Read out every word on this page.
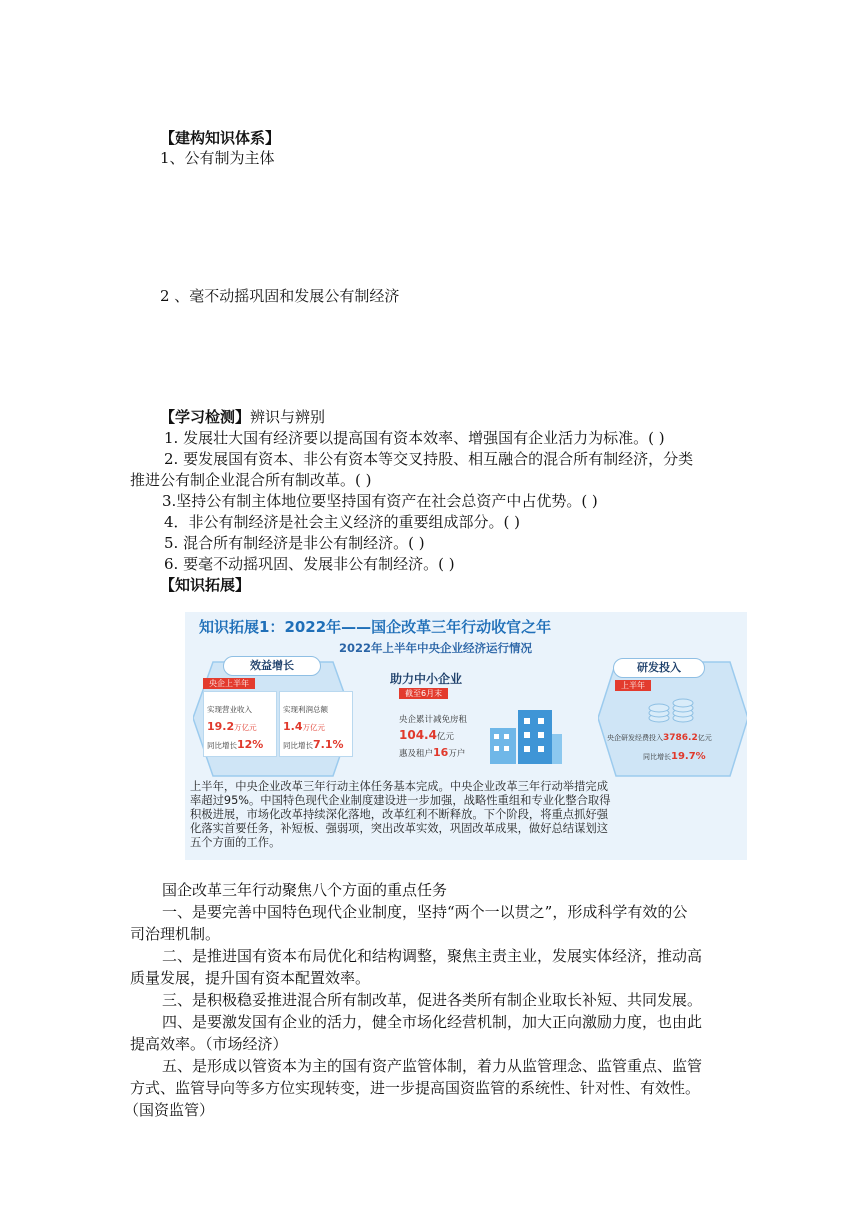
【建构知识体系】
1、公有制为主体
2 、毫不动摇巩固和发展公有制经济
【学习检测】辨识与辨别
1. 发展壮大国有经济要以提高国有资本效率、增强国有企业活力为标准。( )
2. 要发展国有资本、非公有资本等交叉持股、相互融合的混合所有制经济，分类
推进公有制企业混合所有制改革。( )
3.坚持公有制主体地位要坚持国有资产在社会总资产中占优势。( )
4．非公有制经济是社会主义经济的重要组成部分。( )
5. 混合所有制经济是非公有制经济。( )
6. 要毫不动摇巩固、发展非公有制经济。( )
【知识拓展】
知识拓展1：2022年——国企改革三年行动收官之年
2022年上半年中央企业经济运行情况
效益增长
央企上半年
实现营业收入
19.2万亿元
同比增长12%
实现利润总额
1.4万亿元
同比增长7.1%
助力中小企业
截至6月末
央企累计减免房租
104.4亿元
惠及租户16万户
研发投入
上半年
央企研发经费投入3786.2亿元
同比增长19.7%
上半年，中央企业改革三年行动主体任务基本完成。中央企业改革三年行动举措完成
率超过95%。中国特色现代企业制度建设进一步加强，战略性重组和专业化整合取得
积极进展，市场化改革持续深化落地，改革红利不断释放。下个阶段，将重点抓好强
化落实首要任务，补短板、强弱项，突出改革实效，巩固改革成果，做好总结谋划这
五个方面的工作。
国企改革三年行动聚焦八个方面的重点任务
一、是要完善中国特色现代企业制度，坚持“两个一以贯之”，形成科学有效的公
司治理机制。
二、是推进国有资本布局优化和结构调整，聚焦主责主业，发展实体经济，推动高
质量发展，提升国有资本配置效率。
三、是积极稳妥推进混合所有制改革，促进各类所有制企业取长补短、共同发展。
四、是要激发国有企业的活力，健全市场化经营机制，加大正向激励力度，也由此
提高效率。（市场经济）
五、是形成以管资本为主的国有资产监管体制，着力从监管理念、监管重点、监管
方式、监管导向等多方位实现转变，进一步提高国资监管的系统性、针对性、有效性。
（国资监管）
